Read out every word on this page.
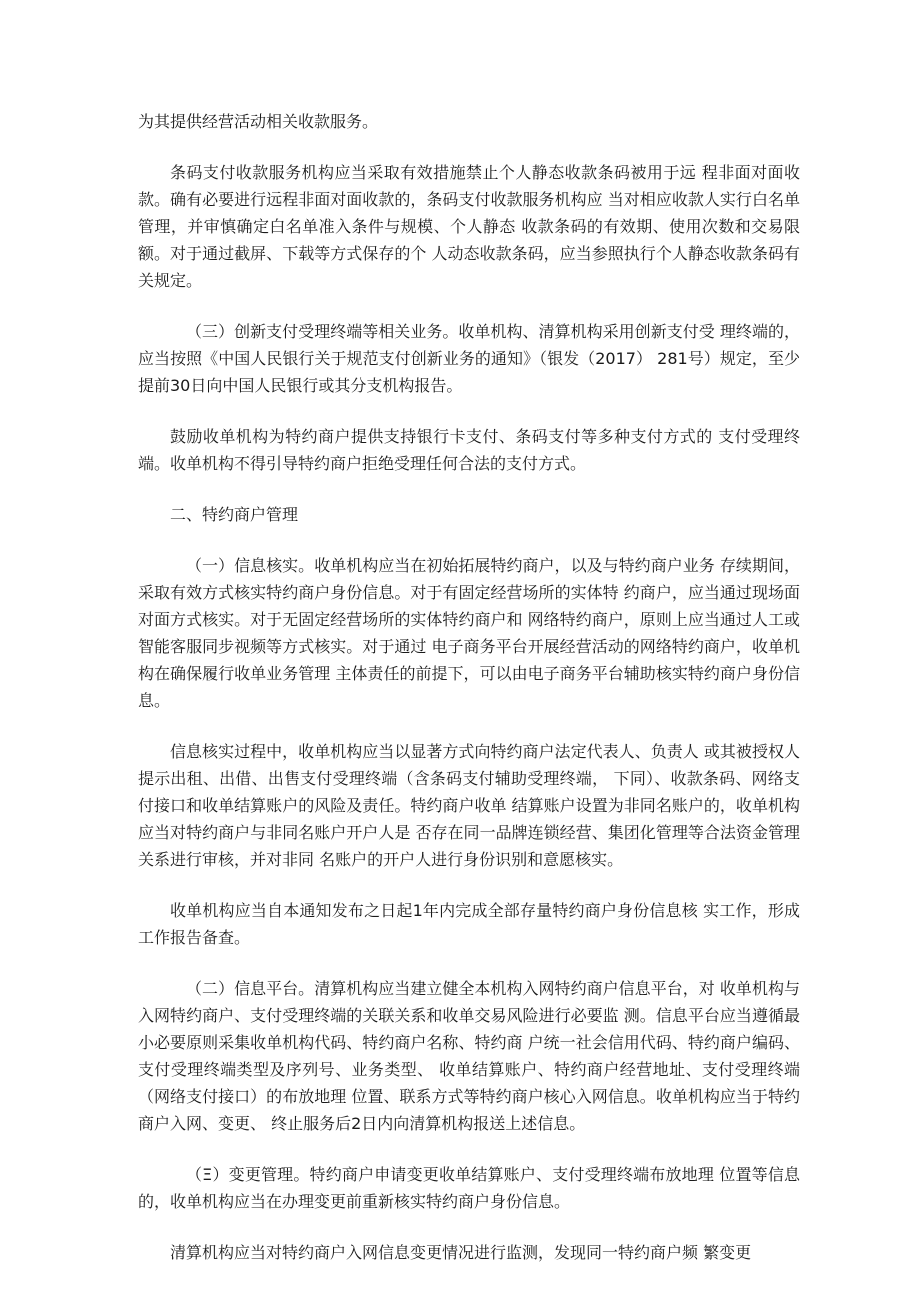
为其提供经营活动相关收款服务。

条码支付收款服务机构应当采取有效措施禁止个人静态收款条码被用于远 程非面对面收款。确有必要进行远程非面对面收款的，条码支付收款服务机构应 当对相应收款人实行白名单管理，并审慎确定白名单准入条件与规模、个人静态 收款条码的有效期、使用次数和交易限额。对于通过截屏、下载等方式保存的个 人动态收款条码，应当参照执行个人静态收款条码有关规定。

（三）创新支付受理终端等相关业务。收单机构、清算机构采用创新支付受 理终端的，应当按照《中国人民银行关于规范支付创新业务的通知》（银发（2017） 281号）规定，至少提前30日向中国人民银行或其分支机构报告。

鼓励收单机构为特约商户提供支持银行卡支付、条码支付等多种支付方式的 支付受理终端。收单机构不得引导特约商户拒绝受理任何合法的支付方式。

二、特约商户管理

（一）信息核实。收单机构应当在初始拓展特约商户，以及与特约商户业务 存续期间，采取有效方式核实特约商户身份信息。对于有固定经营场所的实体特 约商户，应当通过现场面对面方式核实。对于无固定经营场所的实体特约商户和 网络特约商户，原则上应当通过人工或智能客服同步视频等方式核实。对于通过 电子商务平台开展经营活动的网络特约商户，收单机构在确保履行收单业务管理 主体责任的前提下，可以由电子商务平台辅助核实特约商户身份信息。

信息核实过程中，收单机构应当以显著方式向特约商户法定代表人、负责人 或其被授权人提示出租、出借、出售支付受理终端（含条码支付辅助受理终端， 下同）、收款条码、网络支付接口和收单结算账户的风险及责任。特约商户收单 结算账户设置为非同名账户的，收单机构应当对特约商户与非同名账户开户人是 否存在同一品牌连锁经营、集团化管理等合法资金管理关系进行审核，并对非同 名账户的开户人进行身份识别和意愿核实。

收单机构应当自本通知发布之日起1年内完成全部存量特约商户身份信息核 实工作，形成工作报告备查。

（二）信息平台。清算机构应当建立健全本机构入网特约商户信息平台，对 收单机构与入网特约商户、支付受理终端的关联关系和收单交易风险进行必要监 测。信息平台应当遵循最小必要原则采集收单机构代码、特约商户名称、特约商 户统一社会信用代码、特约商户编码、支付受理终端类型及序列号、业务类型、 收单结算账户、特约商户经营地址、支付受理终端（网络支付接口）的布放地理 位置、联系方式等特约商户核心入网信息。收单机构应当于特约商户入网、变更、 终止服务后2日内向清算机构报送上述信息。

（Ξ）变更管理。特约商户申请变更收单结算账户、支付受理终端布放地理 位置等信息的，收单机构应当在办理变更前重新核实特约商户身份信息。

清算机构应当对特约商户入网信息变更情况进行监测，发现同一特约商户频 繁变更
